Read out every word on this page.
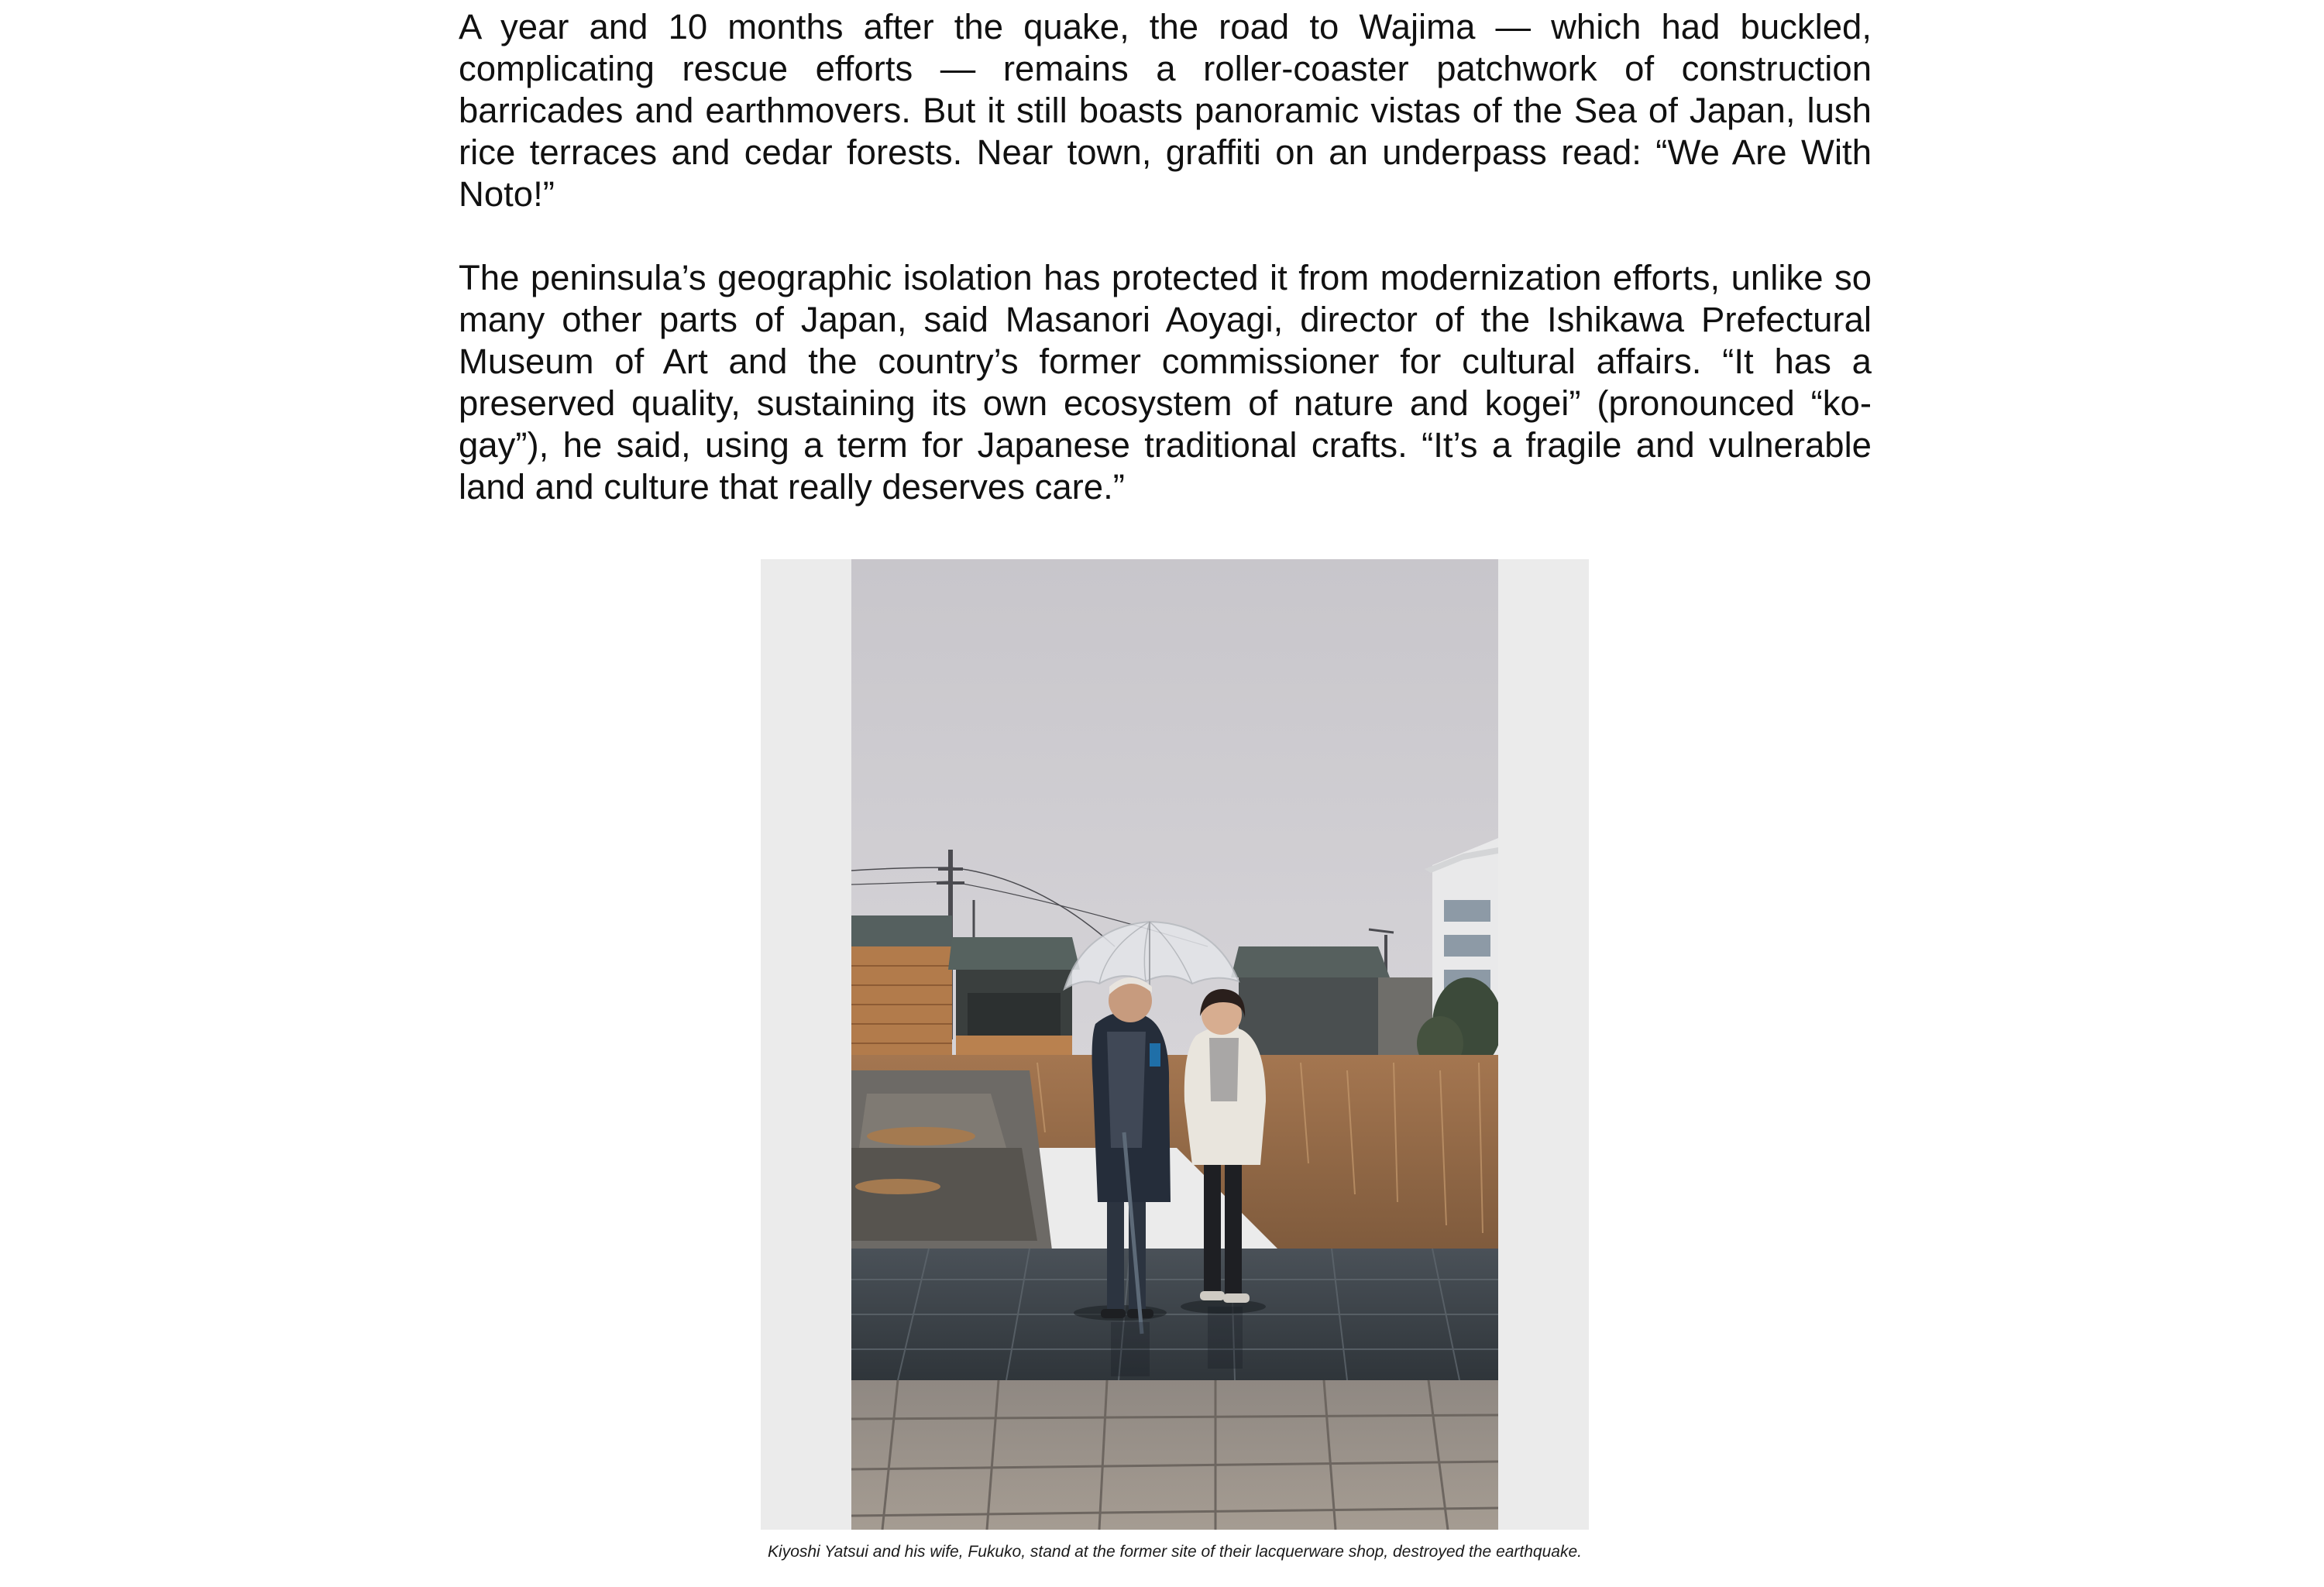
A year and 10 months after the quake, the road to Wajima — which had buckled, complicating rescue efforts — remains a roller-coaster patchwork of construction barricades and earthmovers. But it still boasts panoramic vistas of the Sea of Japan, lush rice terraces and cedar forests. Near town, graffiti on an underpass read: “We Are With Noto!”

The peninsula’s geographic isolation has protected it from modernization efforts, unlike so many other parts of Japan, said Masanori Aoyagi, director of the Ishikawa Prefectural Museum of Art and the country’s former commissioner for cultural affairs. “It has a preserved quality, sustaining its own ecosystem of nature and kogei” (pronounced “ko-gay”), he said, using a term for Japanese traditional crafts. “It’s a fragile and vulnerable land and culture that really deserves care.”

Kiyoshi Yatsui and his wife, Fukuko, stand at the former site of their lacquerware shop, destroyed the earthquake.
